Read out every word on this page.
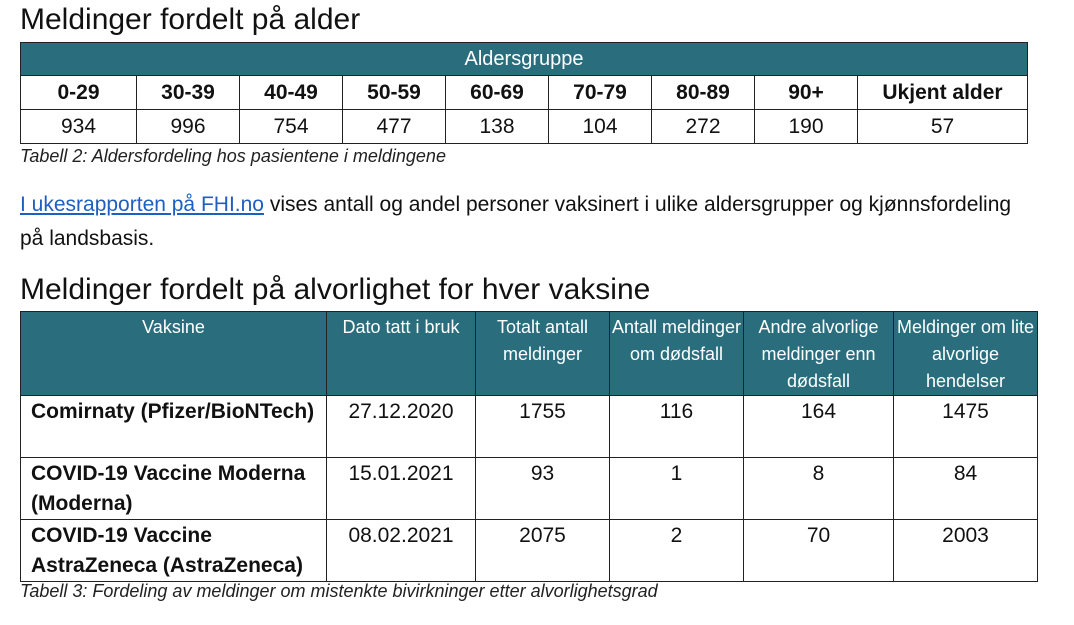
Meldinger fordelt på alder
Aldersgruppe								
0-29	30-39	40-49	50-59	60-69	70-79	80-89	90+	Ukjent alder
934	996	754	477	138	104	272	190	57
Tabell 2: Aldersfordeling hos pasientene i meldingene
I ukesrapporten på FHI.no vises antall og andel personer vaksinert i ulike aldersgrupper og kjønnsfordeling på landsbasis.
Meldinger fordelt på alvorlighet for hver vaksine
Vaksine	Dato tatt i bruk	Totalt antall meldinger	Antall meldinger om dødsfall	Andre alvorlige meldinger enn dødsfall	Meldinger om lite alvorlige hendelser
Comirnaty (Pfizer/BioNTech)	27.12.2020	1755	116	164	1475
COVID-19 Vaccine Moderna (Moderna)	15.01.2021	93	1	8	84
COVID-19 Vaccine AstraZeneca (AstraZeneca)	08.02.2021	2075	2	70	2003
Tabell 3: Fordeling av meldinger om mistenkte bivirkninger etter alvorlighetsgrad
